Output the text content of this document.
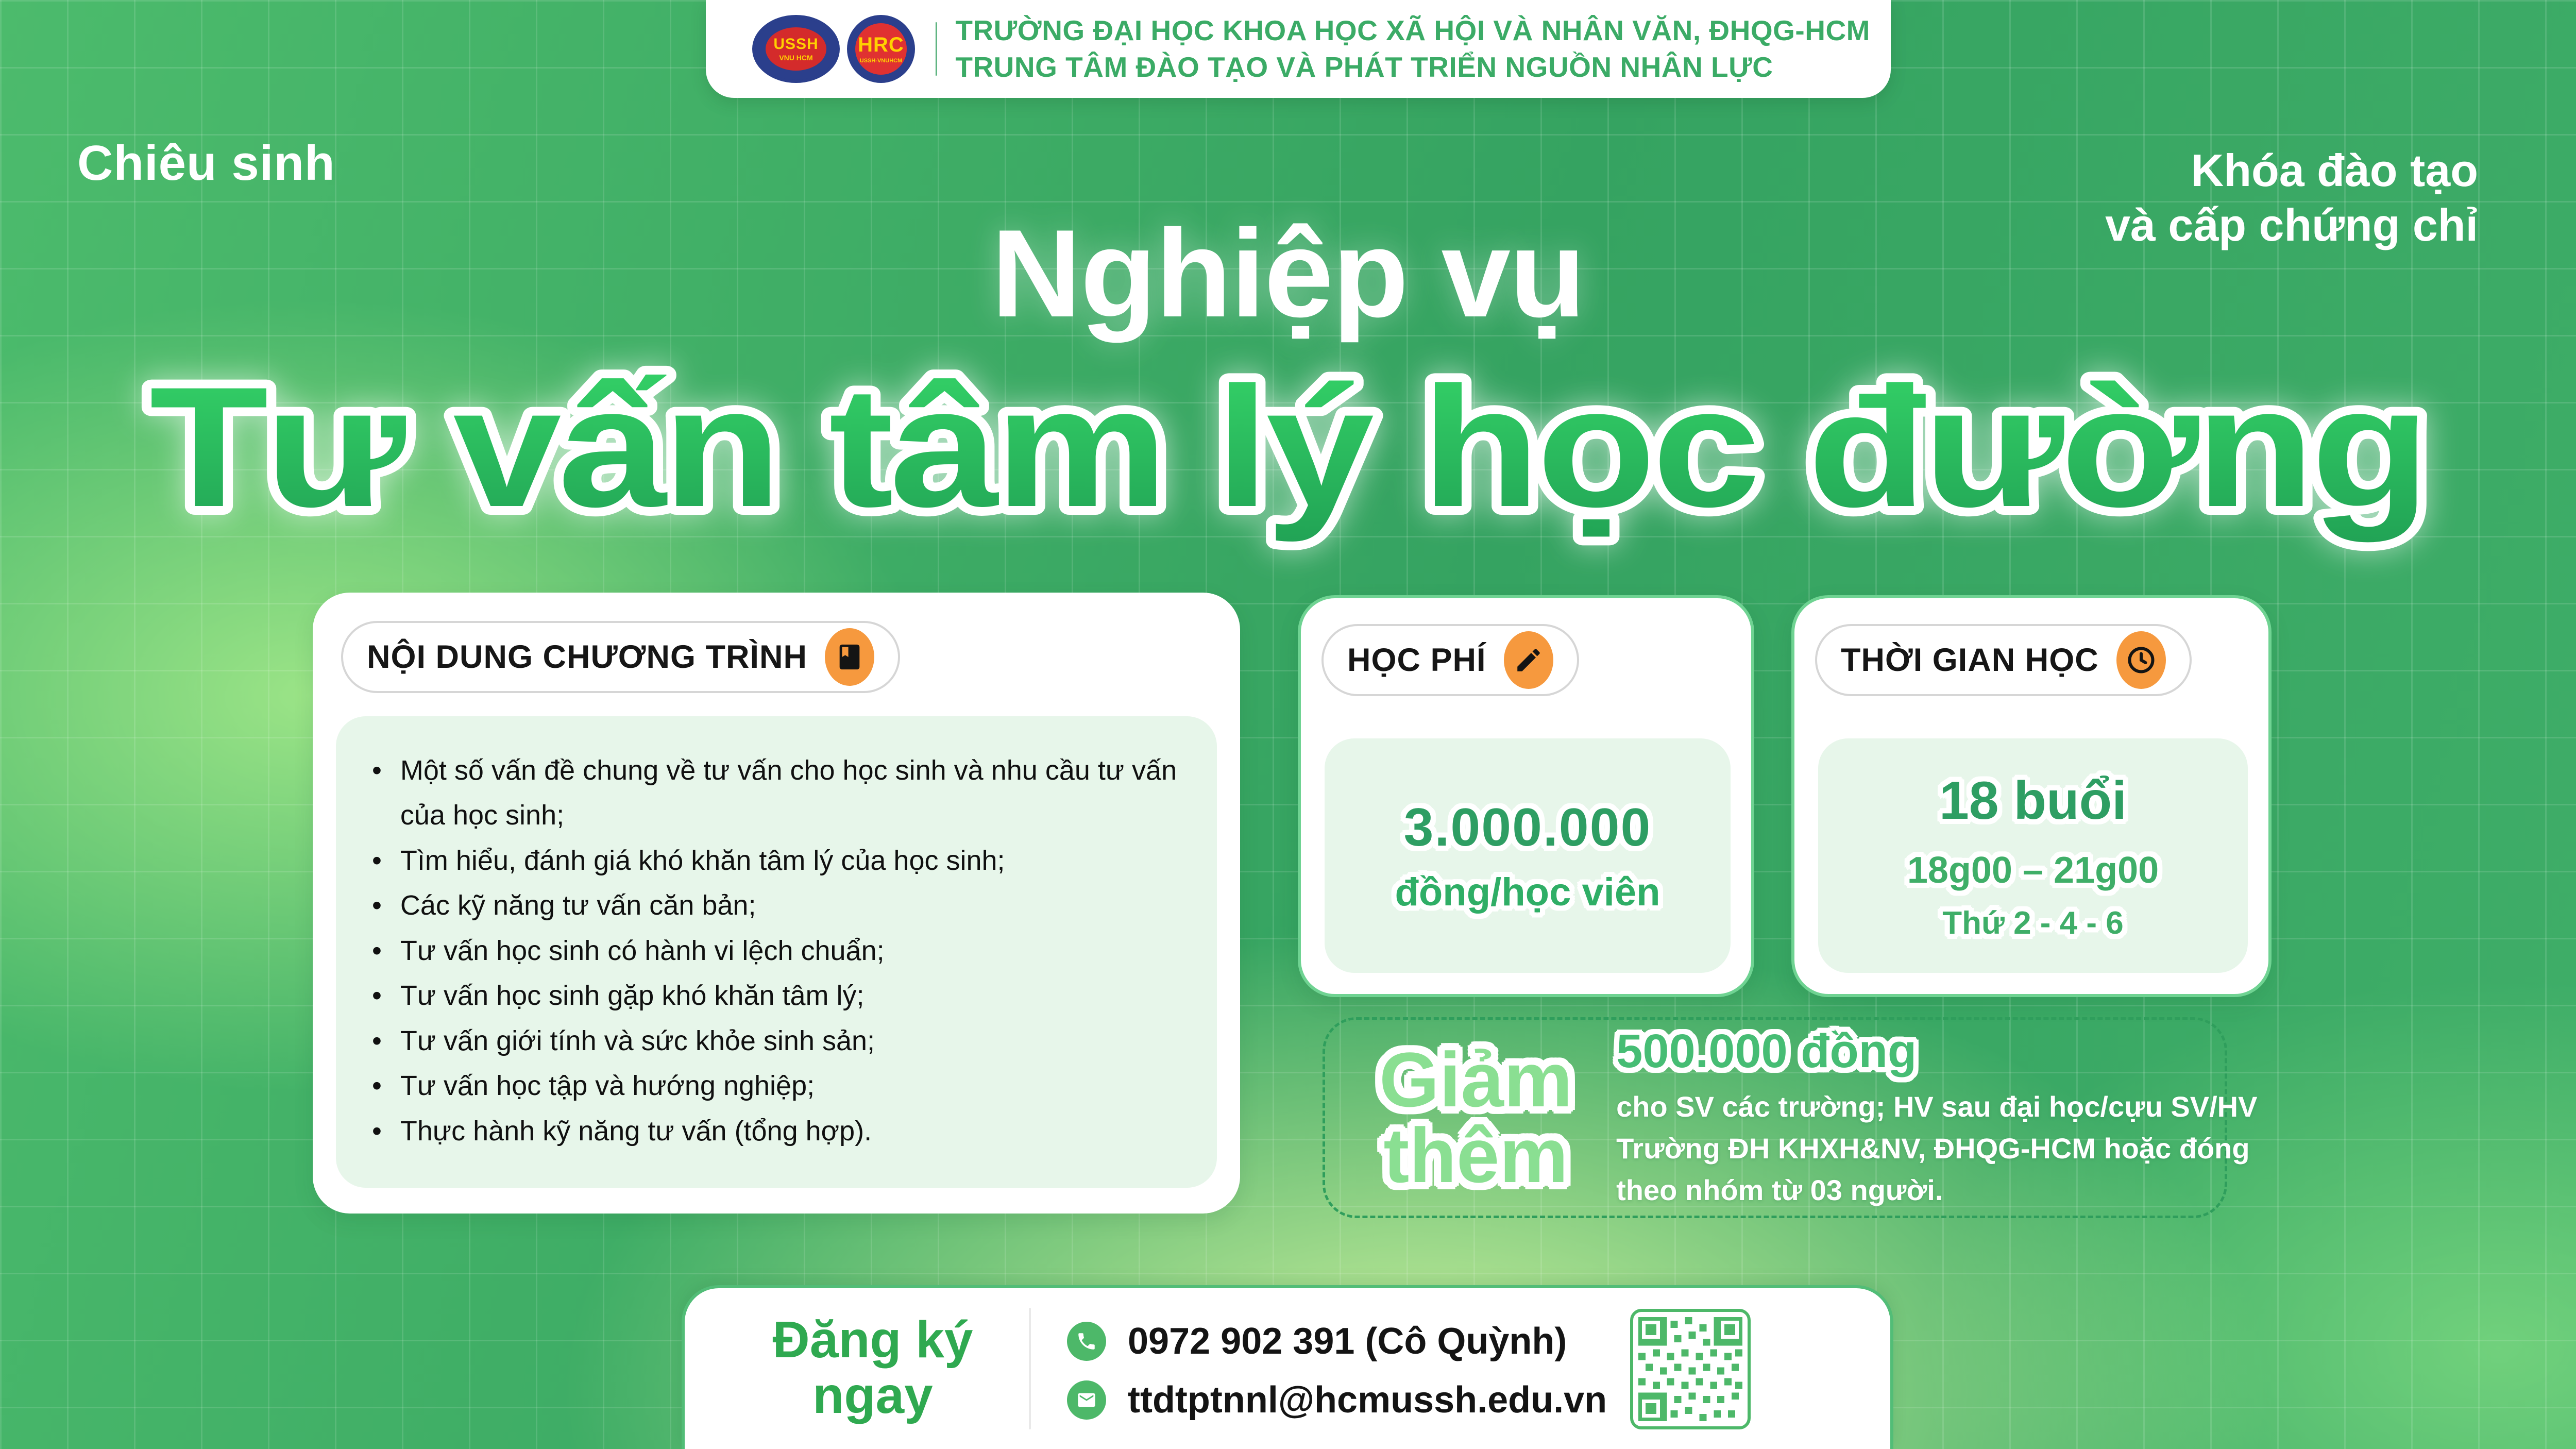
USSH
VNU HCM
HRC
USSH-VNUHCM
TRƯỜNG ĐẠI HỌC KHOA HỌC XÃ HỘI VÀ NHÂN VĂN, ĐHQG-HCM
TRUNG TÂM ĐÀO TẠO VÀ PHÁT TRIỂN NGUỒN NHÂN LỰC
Chiêu sinh	Khóa đào tạo
và cấp chứng chỉ
Nghiệp vụ
Tư vấn tâm lý học đường
NỘI DUNG CHƯƠNG TRÌNH
•
Một số vấn đề chung về tư vấn cho học sinh và nhu cầu tư vấn của học sinh;
•
Tìm hiểu, đánh giá khó khăn tâm lý của học sinh;
•
Các kỹ năng tư vấn căn bản;
•
Tư vấn học sinh có hành vi lệch chuẩn;
•
Tư vấn học sinh gặp khó khăn tâm lý;
•
Tư vấn giới tính và sức khỏe sinh sản;
•
Tư vấn học tập và hướng nghiệp;
•
Thực hành kỹ năng tư vấn (tổng hợp).
HỌC PHÍ
3.000.000
đồng/học viên
THỜI GIAN HỌC
18 buổi
18g00 – 21g00
Thứ 2 - 4 - 6
Giảm
thêm
500.000 đồng
cho SV các trường; HV sau đại học/cựu SV/HV
Trường ĐH KHXH&NV, ĐHQG-HCM hoặc đóng
theo nhóm từ 03 người.
Đăng ký
ngay
0972 902 391 (Cô Quỳnh)
ttdtptnnl@hcmussh.edu.vn
